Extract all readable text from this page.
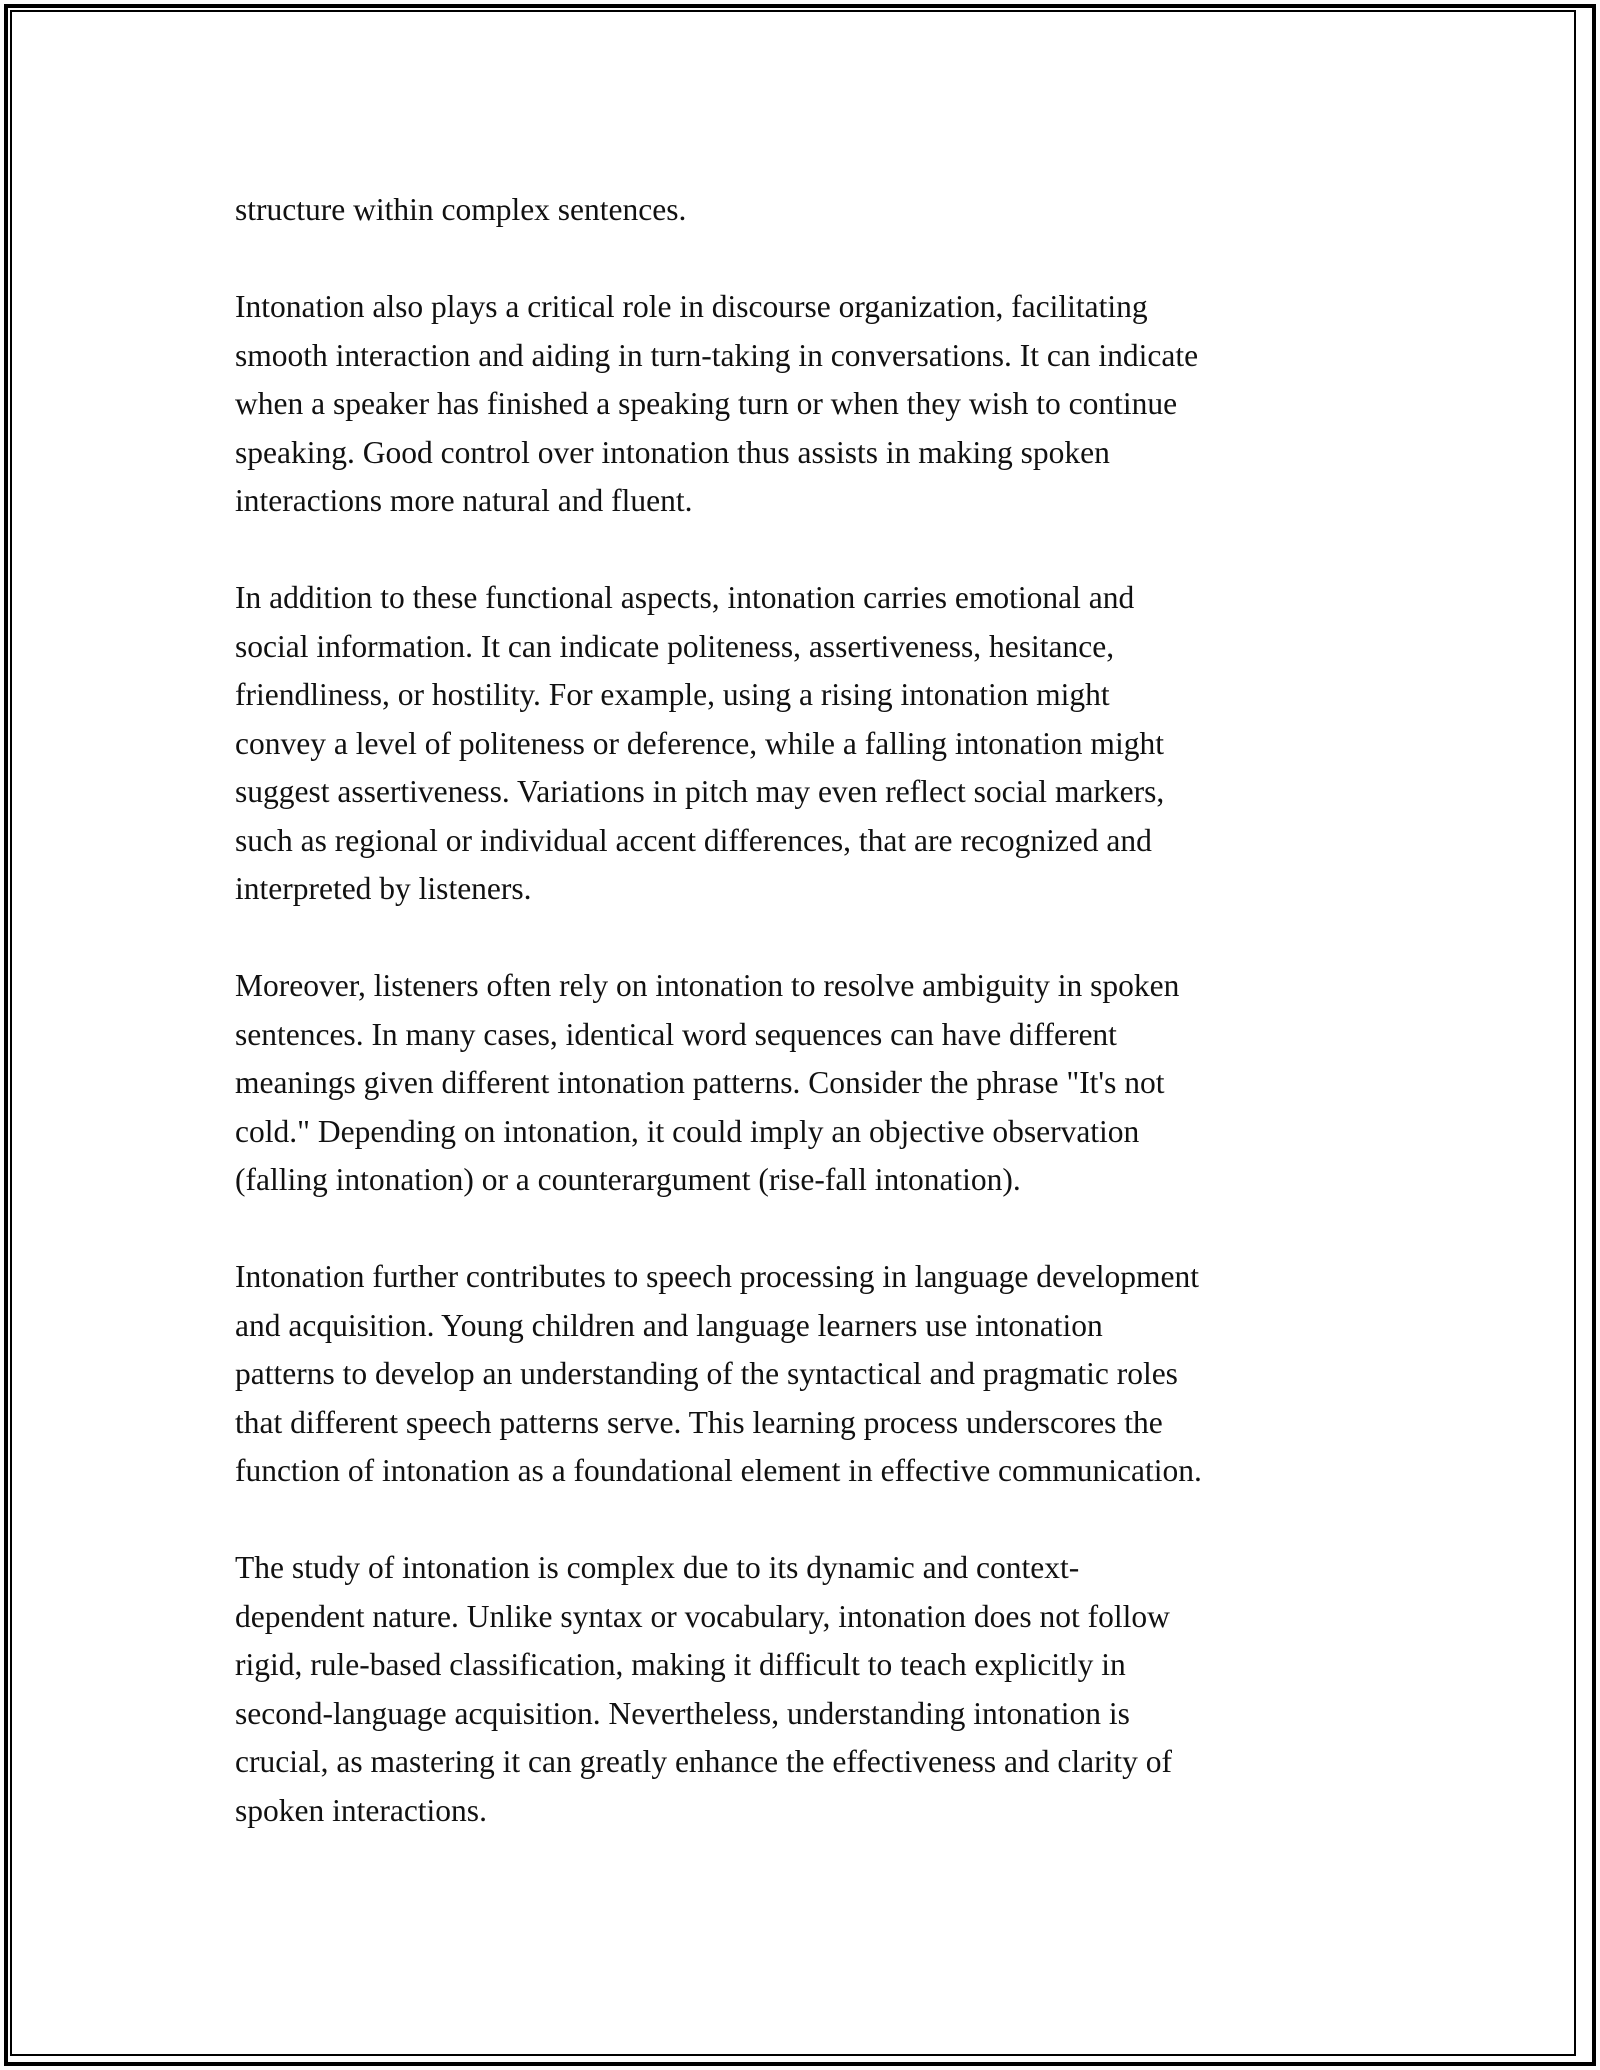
structure within complex sentences.

Intonation also plays a critical role in discourse organization, facilitating
smooth interaction and aiding in turn-taking in conversations. It can indicate
when a speaker has finished a speaking turn or when they wish to continue
speaking. Good control over intonation thus assists in making spoken
interactions more natural and fluent.

In addition to these functional aspects, intonation carries emotional and
social information. It can indicate politeness, assertiveness, hesitance,
friendliness, or hostility. For example, using a rising intonation might
convey a level of politeness or deference, while a falling intonation might
suggest assertiveness. Variations in pitch may even reflect social markers,
such as regional or individual accent differences, that are recognized and
interpreted by listeners.

Moreover, listeners often rely on intonation to resolve ambiguity in spoken
sentences. In many cases, identical word sequences can have different
meanings given different intonation patterns. Consider the phrase "It's not
cold." Depending on intonation, it could imply an objective observation
(falling intonation) or a counterargument (rise-fall intonation).

Intonation further contributes to speech processing in language development
and acquisition. Young children and language learners use intonation
patterns to develop an understanding of the syntactical and pragmatic roles
that different speech patterns serve. This learning process underscores the
function of intonation as a foundational element in effective communication.

The study of intonation is complex due to its dynamic and context-
dependent nature. Unlike syntax or vocabulary, intonation does not follow
rigid, rule-based classification, making it difficult to teach explicitly in
second-language acquisition. Nevertheless, understanding intonation is
crucial, as mastering it can greatly enhance the effectiveness and clarity of
spoken interactions.
